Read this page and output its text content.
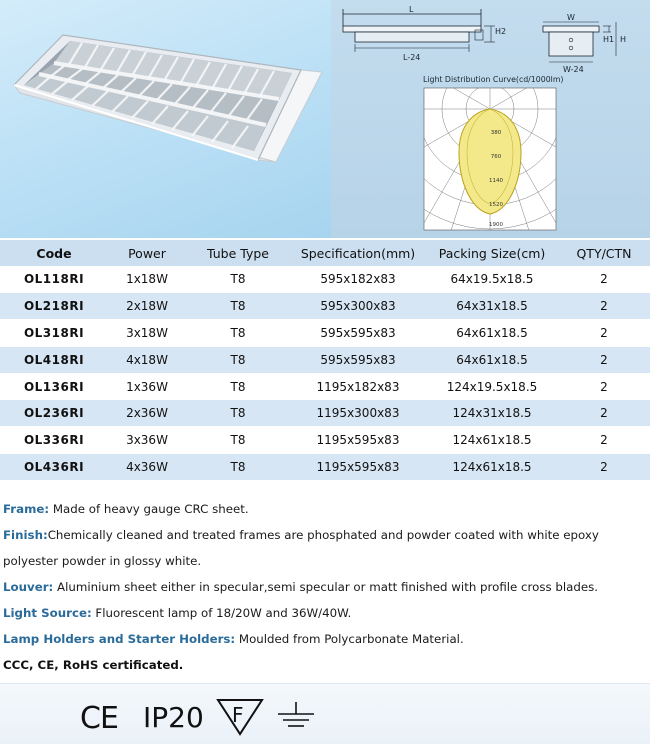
L
H2
L-24
W
H1 H
W-24
Light Distribution Curve(cd/1000lm)
380
760
1140
1520
1900
Code	Power	Tube Type	Specification(mm)	Packing Size(cm)	QTY/CTN
OL118RI	1x18W	T8	595x182x83	64x19.5x18.5	2
OL218RI	2x18W	T8	595x300x83	64x31x18.5	2
OL318RI	3x18W	T8	595x595x83	64x61x18.5	2
OL418RI	4x18W	T8	595x595x83	64x61x18.5	2
OL136RI	1x36W	T8	1195x182x83	124x19.5x18.5	2
OL236RI	2x36W	T8	1195x300x83	124x31x18.5	2
OL336RI	3x36W	T8	1195x595x83	124x61x18.5	2
OL436RI	4x36W	T8	1195x595x83	124x61x18.5	2
Frame: Made of heavy gauge CRC sheet.
Finish:Chemically cleaned and treated frames are phosphated and powder coated with white epoxy polyester powder in glossy white.
Louver: Aluminium sheet either in specular,semi specular or matt finished with profile cross blades.
Light Source: Fluorescent lamp of 18/20W and 36W/40W.
Lamp Holders and Starter Holders: Moulded from Polycarbonate Material.
CCC, CE, RoHS certificated.
CE IP20 F
